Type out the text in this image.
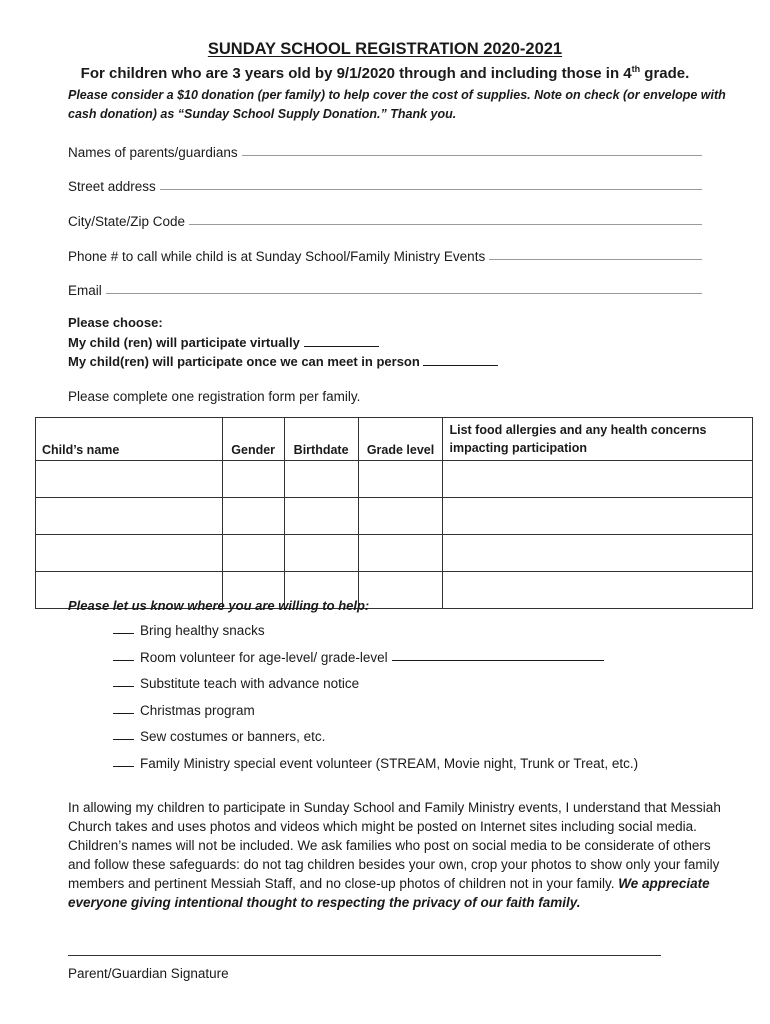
SUNDAY SCHOOL REGISTRATION 2020-2021
For children who are 3 years old by 9/1/2020 through and including those in 4th grade.
Please consider a $10 donation (per family) to help cover the cost of supplies. Note on check (or envelope with cash donation) as “Sunday School Supply Donation.” Thank you.
Names of parents/guardians
Street address
City/State/Zip Code
Phone # to call while child is at Sunday School/Family Ministry Events
Email
Please choose:
My child (ren) will participate virtually
My child(ren) will participate once we can meet in person
Please complete one registration form per family.
Child’s name	Gender	Birthdate	Grade level	List food allergies and any health concerns impacting participation

Please let us know where you are willing to help:
Bring healthy snacks
Room volunteer for age-level/ grade-level
Substitute teach with advance notice
Christmas program
Sew costumes or banners, etc.
Family Ministry special event volunteer (STREAM, Movie night, Trunk or Treat, etc.)
In allowing my children to participate in Sunday School and Family Ministry events, I understand that Messiah Church takes and uses photos and videos which might be posted on Internet sites including social media. Children’s names will not be included. We ask families who post on social media to be considerate of others and follow these safeguards: do not tag children besides your own, crop your photos to show only your family members and pertinent Messiah Staff, and no close-up photos of children not in your family. We appreciate everyone giving intentional thought to respecting the privacy of our faith family.
Parent/Guardian Signature
